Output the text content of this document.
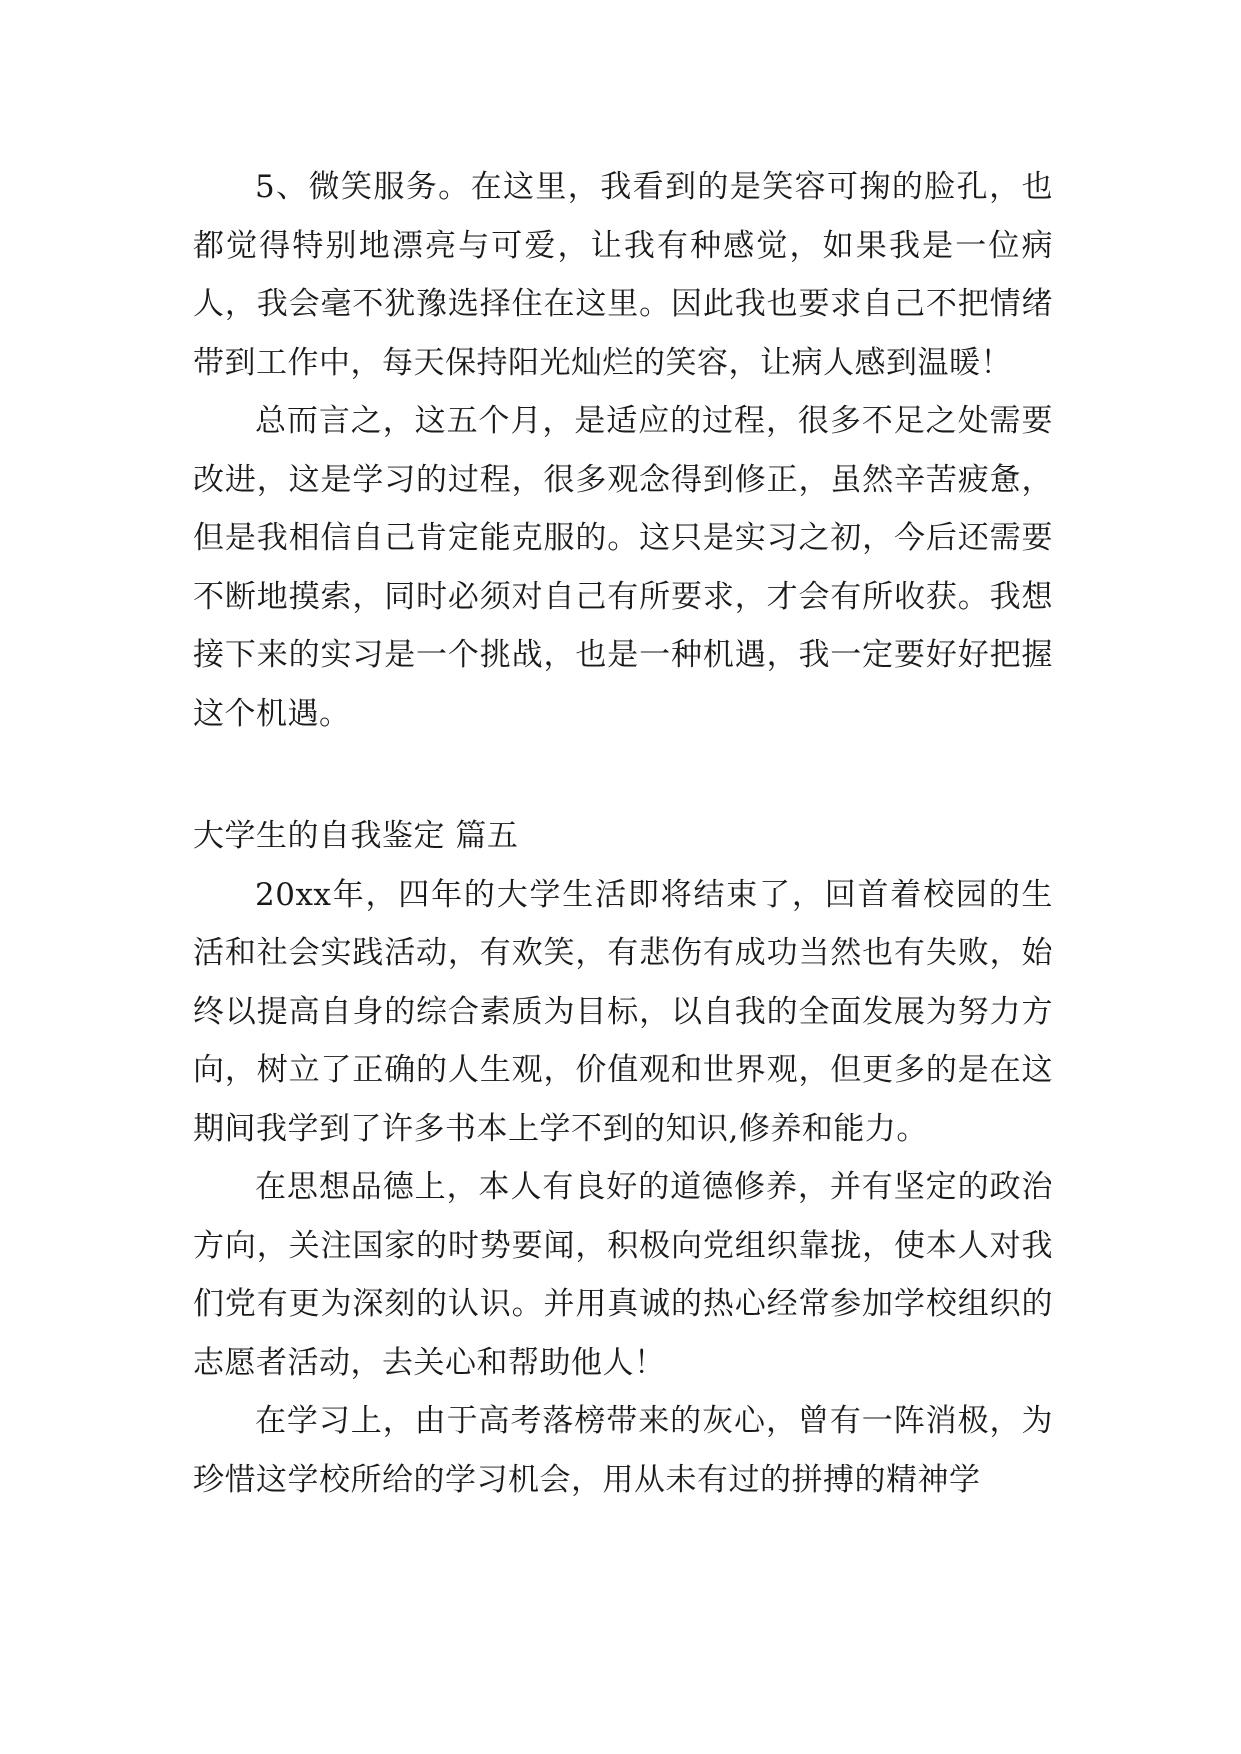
5、微笑服务。在这里，我看到的是笑容可掬的脸孔，也都觉得特别地漂亮与可爱，让我有种感觉，如果我是一位病人，我会毫不犹豫选择住在这里。因此我也要求自己不把情绪带到工作中，每天保持阳光灿烂的笑容，让病人感到温暖！

总而言之，这五个月，是适应的过程，很多不足之处需要改进，这是学习的过程，很多观念得到修正，虽然辛苦疲惫，但是我相信自己肯定能克服的。这只是实习之初，今后还需要不断地摸索，同时必须对自己有所要求，才会有所收获。我想接下来的实习是一个挑战，也是一种机遇，我一定要好好把握这个机遇。

大学生的自我鉴定 篇五

20xx年，四年的大学生活即将结束了，回首着校园的生活和社会实践活动，有欢笑，有悲伤有成功当然也有失败，始终以提高自身的综合素质为目标，以自我的全面发展为努力方向，树立了正确的人生观，价值观和世界观，但更多的是在这期间我学到了许多书本上学不到的知识,修养和能力。

在思想品德上，本人有良好的道德修养，并有坚定的政治方向，关注国家的时势要闻，积极向党组织靠拢，使本人对我们党有更为深刻的认识。并用真诚的热心经常参加学校组织的志愿者活动，去关心和帮助他人！

在学习上，由于高考落榜带来的灰心，曾有一阵消极，为珍惜这学校所给的学习机会，用从未有过的拼搏的精神学
